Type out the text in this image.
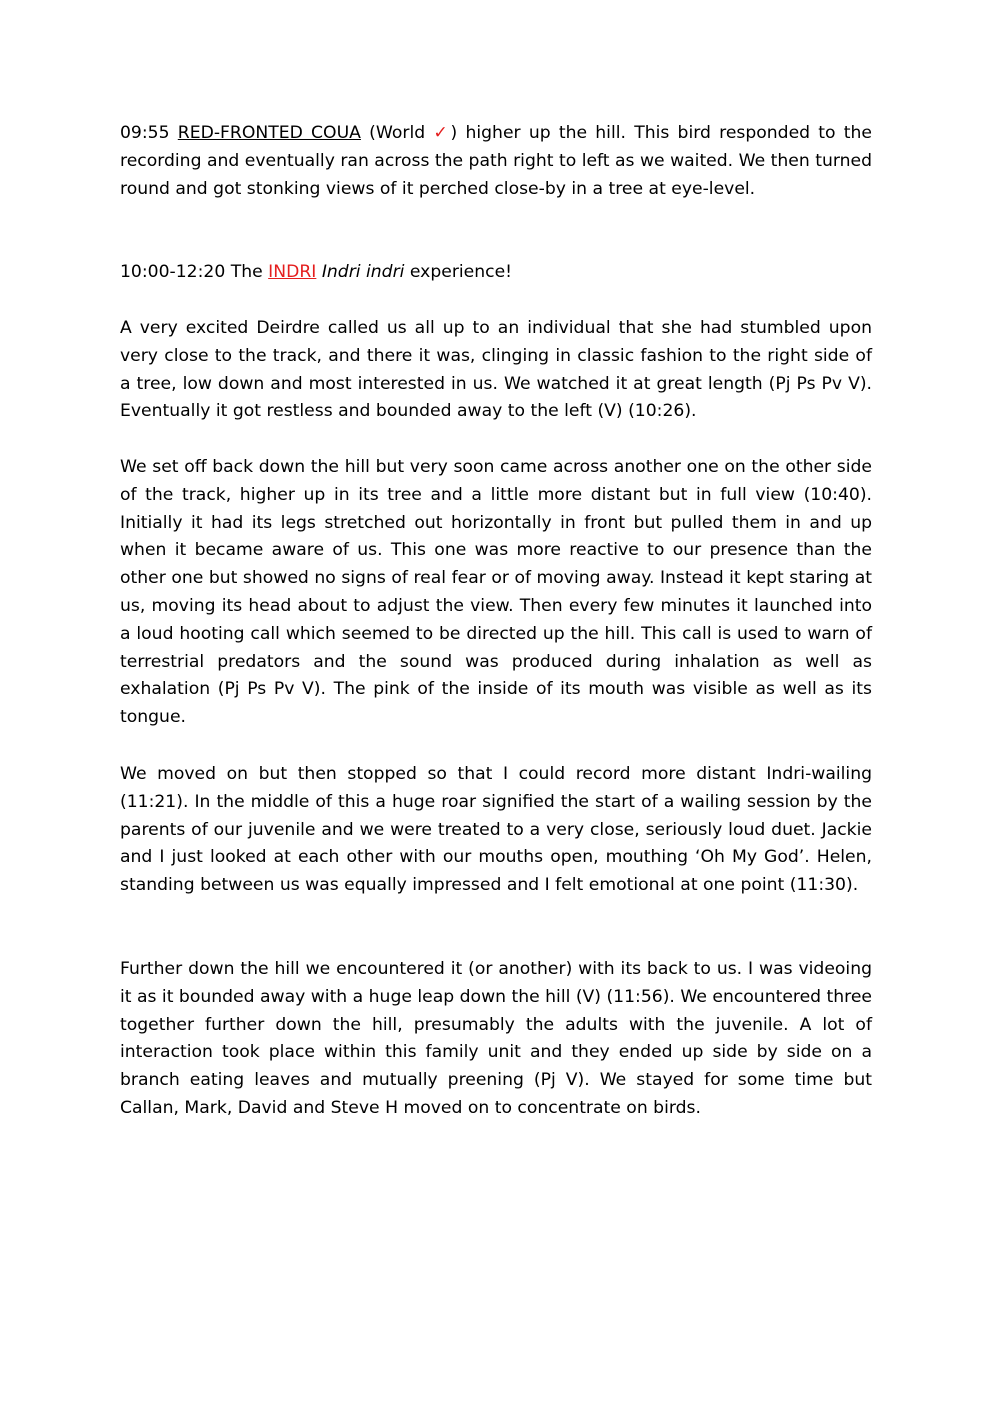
09:55 RED-FRONTED COUA (World ✓) higher up the hill. This bird responded to the recording and eventually ran across the path right to left as we waited. We then turned round and got stonking views of it perched close-by in a tree at eye-level.

10:00-12:20 The INDRI Indri indri experience!

A very excited Deirdre called us all up to an individual that she had stumbled upon very close to the track, and there it was, clinging in classic fashion to the right side of a tree, low down and most interested in us. We watched it at great length (Pj Ps Pv V). Eventually it got restless and bounded away to the left (V) (10:26).

We set off back down the hill but very soon came across another one on the other side of the track, higher up in its tree and a little more distant but in full view (10:40). Initially it had its legs stretched out horizontally in front but pulled them in and up when it became aware of us. This one was more reactive to our presence than the other one but showed no signs of real fear or of moving away. Instead it kept staring at us, moving its head about to adjust the view. Then every few minutes it launched into a loud hooting call which seemed to be directed up the hill. This call is used to warn of terrestrial predators and the sound was produced during inhalation as well as exhalation (Pj Ps Pv V). The pink of the inside of its mouth was visible as well as its tongue.

We moved on but then stopped so that I could record more distant Indri-wailing (11:21). In the middle of this a huge roar signified the start of a wailing session by the parents of our juvenile and we were treated to a very close, seriously loud duet. Jackie and I just looked at each other with our mouths open, mouthing ‘Oh My God’. Helen, standing between us was equally impressed and I felt emotional at one point (11:30).

Further down the hill we encountered it (or another) with its back to us. I was videoing it as it bounded away with a huge leap down the hill (V) (11:56). We encountered three together further down the hill, presumably the adults with the juvenile. A lot of interaction took place within this family unit and they ended up side by side on a branch eating leaves and mutually preening (Pj V). We stayed for some time but Callan, Mark, David and Steve H moved on to concentrate on birds.
